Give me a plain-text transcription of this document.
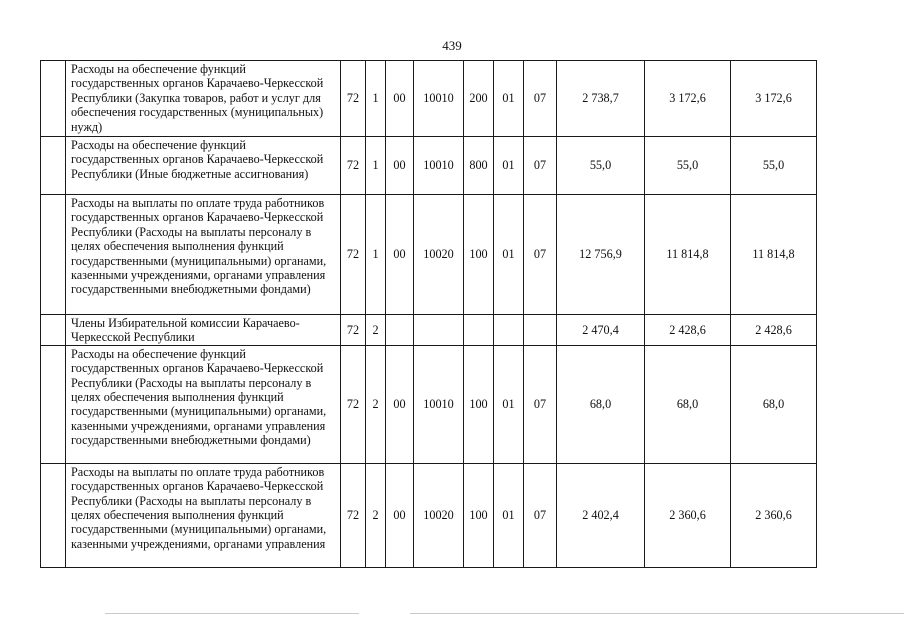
439
	Расходы на обеспечение функций государственных органов Карачаево-Черкесской Республики (Закупка товаров, работ и услуг для обеспечения государственных (муниципальных) нужд)	72	1	00	10010	200	01	07	2 738,7	3 172,6	3 172,6
	Расходы на обеспечение функций государственных органов Карачаево-Черкесской Республики (Иные бюджетные ассигнования)	72	1	00	10010	800	01	07	55,0	55,0	55,0
	Расходы на выплаты по оплате труда работников государственных органов Карачаево-Черкесской Республики (Расходы на выплаты персоналу в целях обеспечения выполнения функций государственными (муниципальными) органами, казенными учреждениями, органами управления государственными внебюджетными фондами)	72	1	00	10020	100	01	07	12 756,9	11 814,8	11 814,8
	Члены Избирательной комиссии Карачаево-Черкесской Республики	72	2						2 470,4	2 428,6	2 428,6
	Расходы на обеспечение функций государственных органов Карачаево-Черкесской Республики (Расходы на выплаты персоналу в целях обеспечения выполнения функций государственными (муниципальными) органами, казенными учреждениями, органами управления государственными внебюджетными фондами)	72	2	00	10010	100	01	07	68,0	68,0	68,0
	Расходы на выплаты по оплате труда работников государственных органов Карачаево-Черкесской Республики (Расходы на выплаты персоналу в целях обеспечения выполнения функций государственными (муниципальными) органами, казенными учреждениями, органами управления	72	2	00	10020	100	01	07	2 402,4	2 360,6	2 360,6
